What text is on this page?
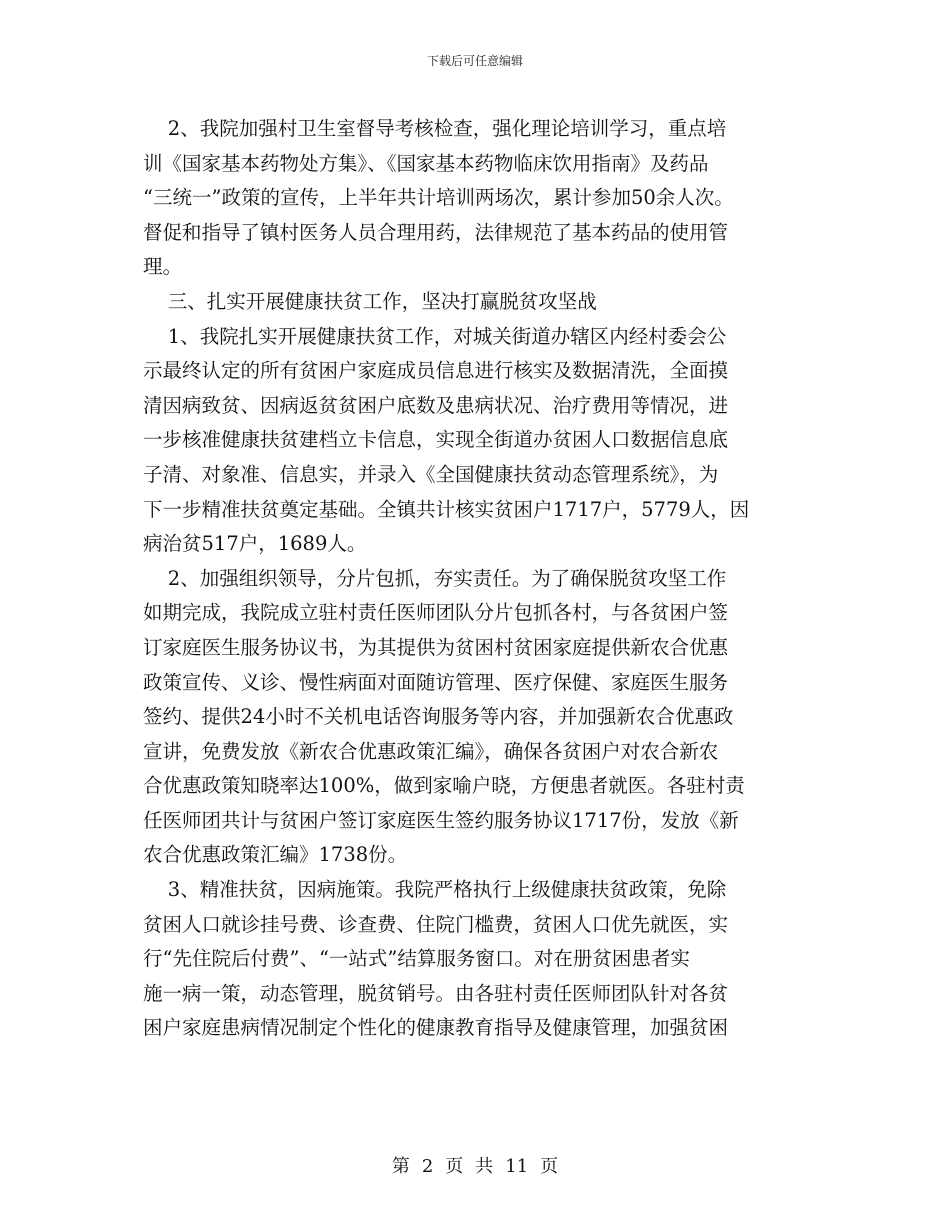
下载后可任意编辑
2、我院加强村卫生室督导考核检查，强化理论培训学习，重点培
训《国家基本药物处方集》、《国家基本药物临床饮用指南》及药品
“三统一”政策的宣传，上半年共计培训两场次，累计参加50余人次。
督促和指导了镇村医务人员合理用药，法律规范了基本药品的使用管
理。
三、扎实开展健康扶贫工作，坚决打赢脱贫攻坚战
1、我院扎实开展健康扶贫工作，对城关街道办辖区内经村委会公
示最终认定的所有贫困户家庭成员信息进行核实及数据清洗，全面摸
清因病致贫、因病返贫贫困户底数及患病状况、治疗费用等情况，进
一步核准健康扶贫建档立卡信息，实现全街道办贫困人口数据信息底
子清、对象准、信息实，并录入《全国健康扶贫动态管理系统》，为
下一步精准扶贫奠定基础。全镇共计核实贫困户1717户，5779人，因
病治贫517户，1689人。
2、加强组织领导，分片包抓，夯实责任。为了确保脱贫攻坚工作
如期完成，我院成立驻村责任医师团队分片包抓各村，与各贫困户签
订家庭医生服务协议书，为其提供为贫困村贫困家庭提供新农合优惠
政策宣传、义诊、慢性病面对面随访管理、医疗保健、家庭医生服务
签约、提供24小时不关机电话咨询服务等内容，并加强新农合优惠政
宣讲，免费发放《新农合优惠政策汇编》，确保各贫困户对农合新农
合优惠政策知晓率达100%，做到家喻户晓，方便患者就医。各驻村责
任医师团共计与贫困户签订家庭医生签约服务协议1717份，发放《新
农合优惠政策汇编》1738份。
3、精准扶贫，因病施策。我院严格执行上级健康扶贫政策，免除
贫困人口就诊挂号费、诊查费、住院门槛费，贫困人口优先就医，实
行“先住院后付费”、“一站式”结算服务窗口。对在册贫困患者实
施一病一策，动态管理，脱贫销号。由各驻村责任医师团队针对各贫
困户家庭患病情况制定个性化的健康教育指导及健康管理，加强贫困
第 2 页 共 11 页
